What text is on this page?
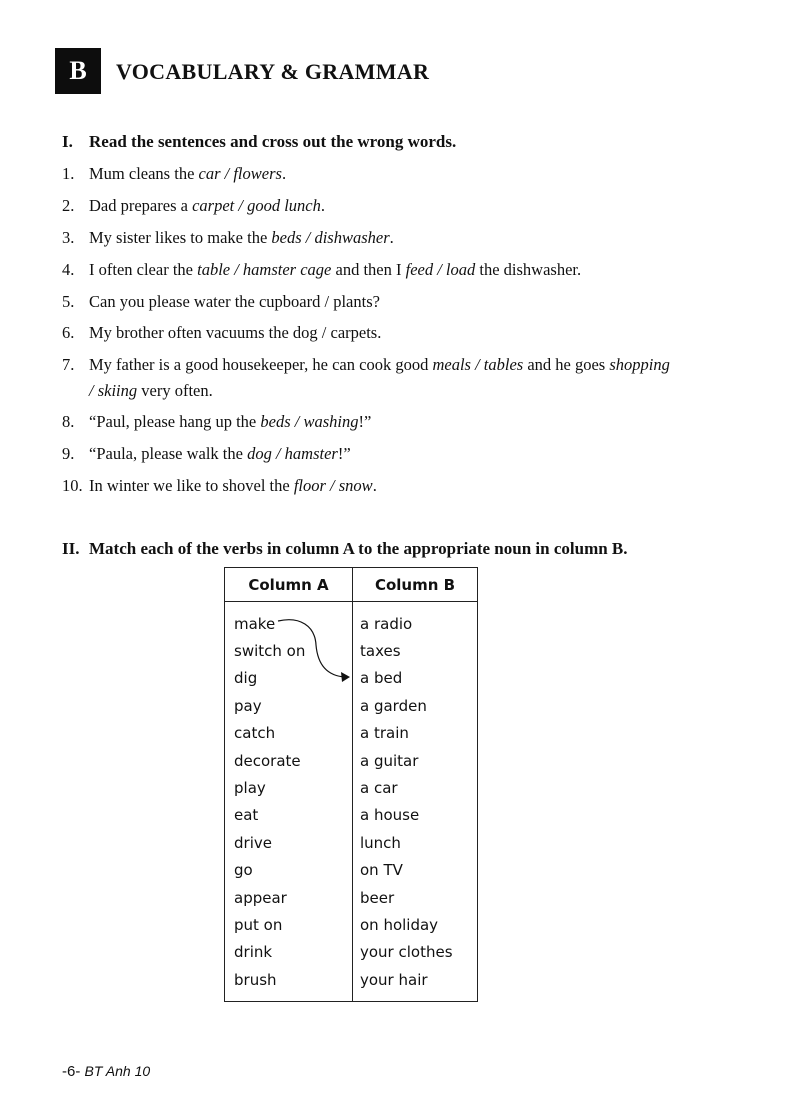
B	VOCABULARY & GRAMMAR
I. Read the sentences and cross out the wrong words.
1. Mum cleans the car / flowers.
2. Dad prepares a carpet / good lunch.
3. My sister likes to make the beds / dishwasher.
4. I often clear the table / hamster cage and then I feed / load the dishwasher.
5. Can you please water the cupboard / plants?
6. My brother often vacuums the dog / carpets.
7. My father is a good housekeeper, he can cook good meals / tables and he goes shopping
/ skiing very often.
8. “Paul, please hang up the beds / washing!”
9. “Paula, please walk the dog / hamster!”
10. In winter we like to shovel the floor / snow.
II. Match each of the verbs in column A to the appropriate noun in column B.
Column A	Column B
make	a radio
switch on	taxes
dig	a bed
pay	a garden
catch	a train
decorate	a guitar
play	a car
eat	a house
drive	lunch
go	on TV
appear	beer
put on	on holiday
drink	your clothes
brush	your hair
-6- BT Anh 10
